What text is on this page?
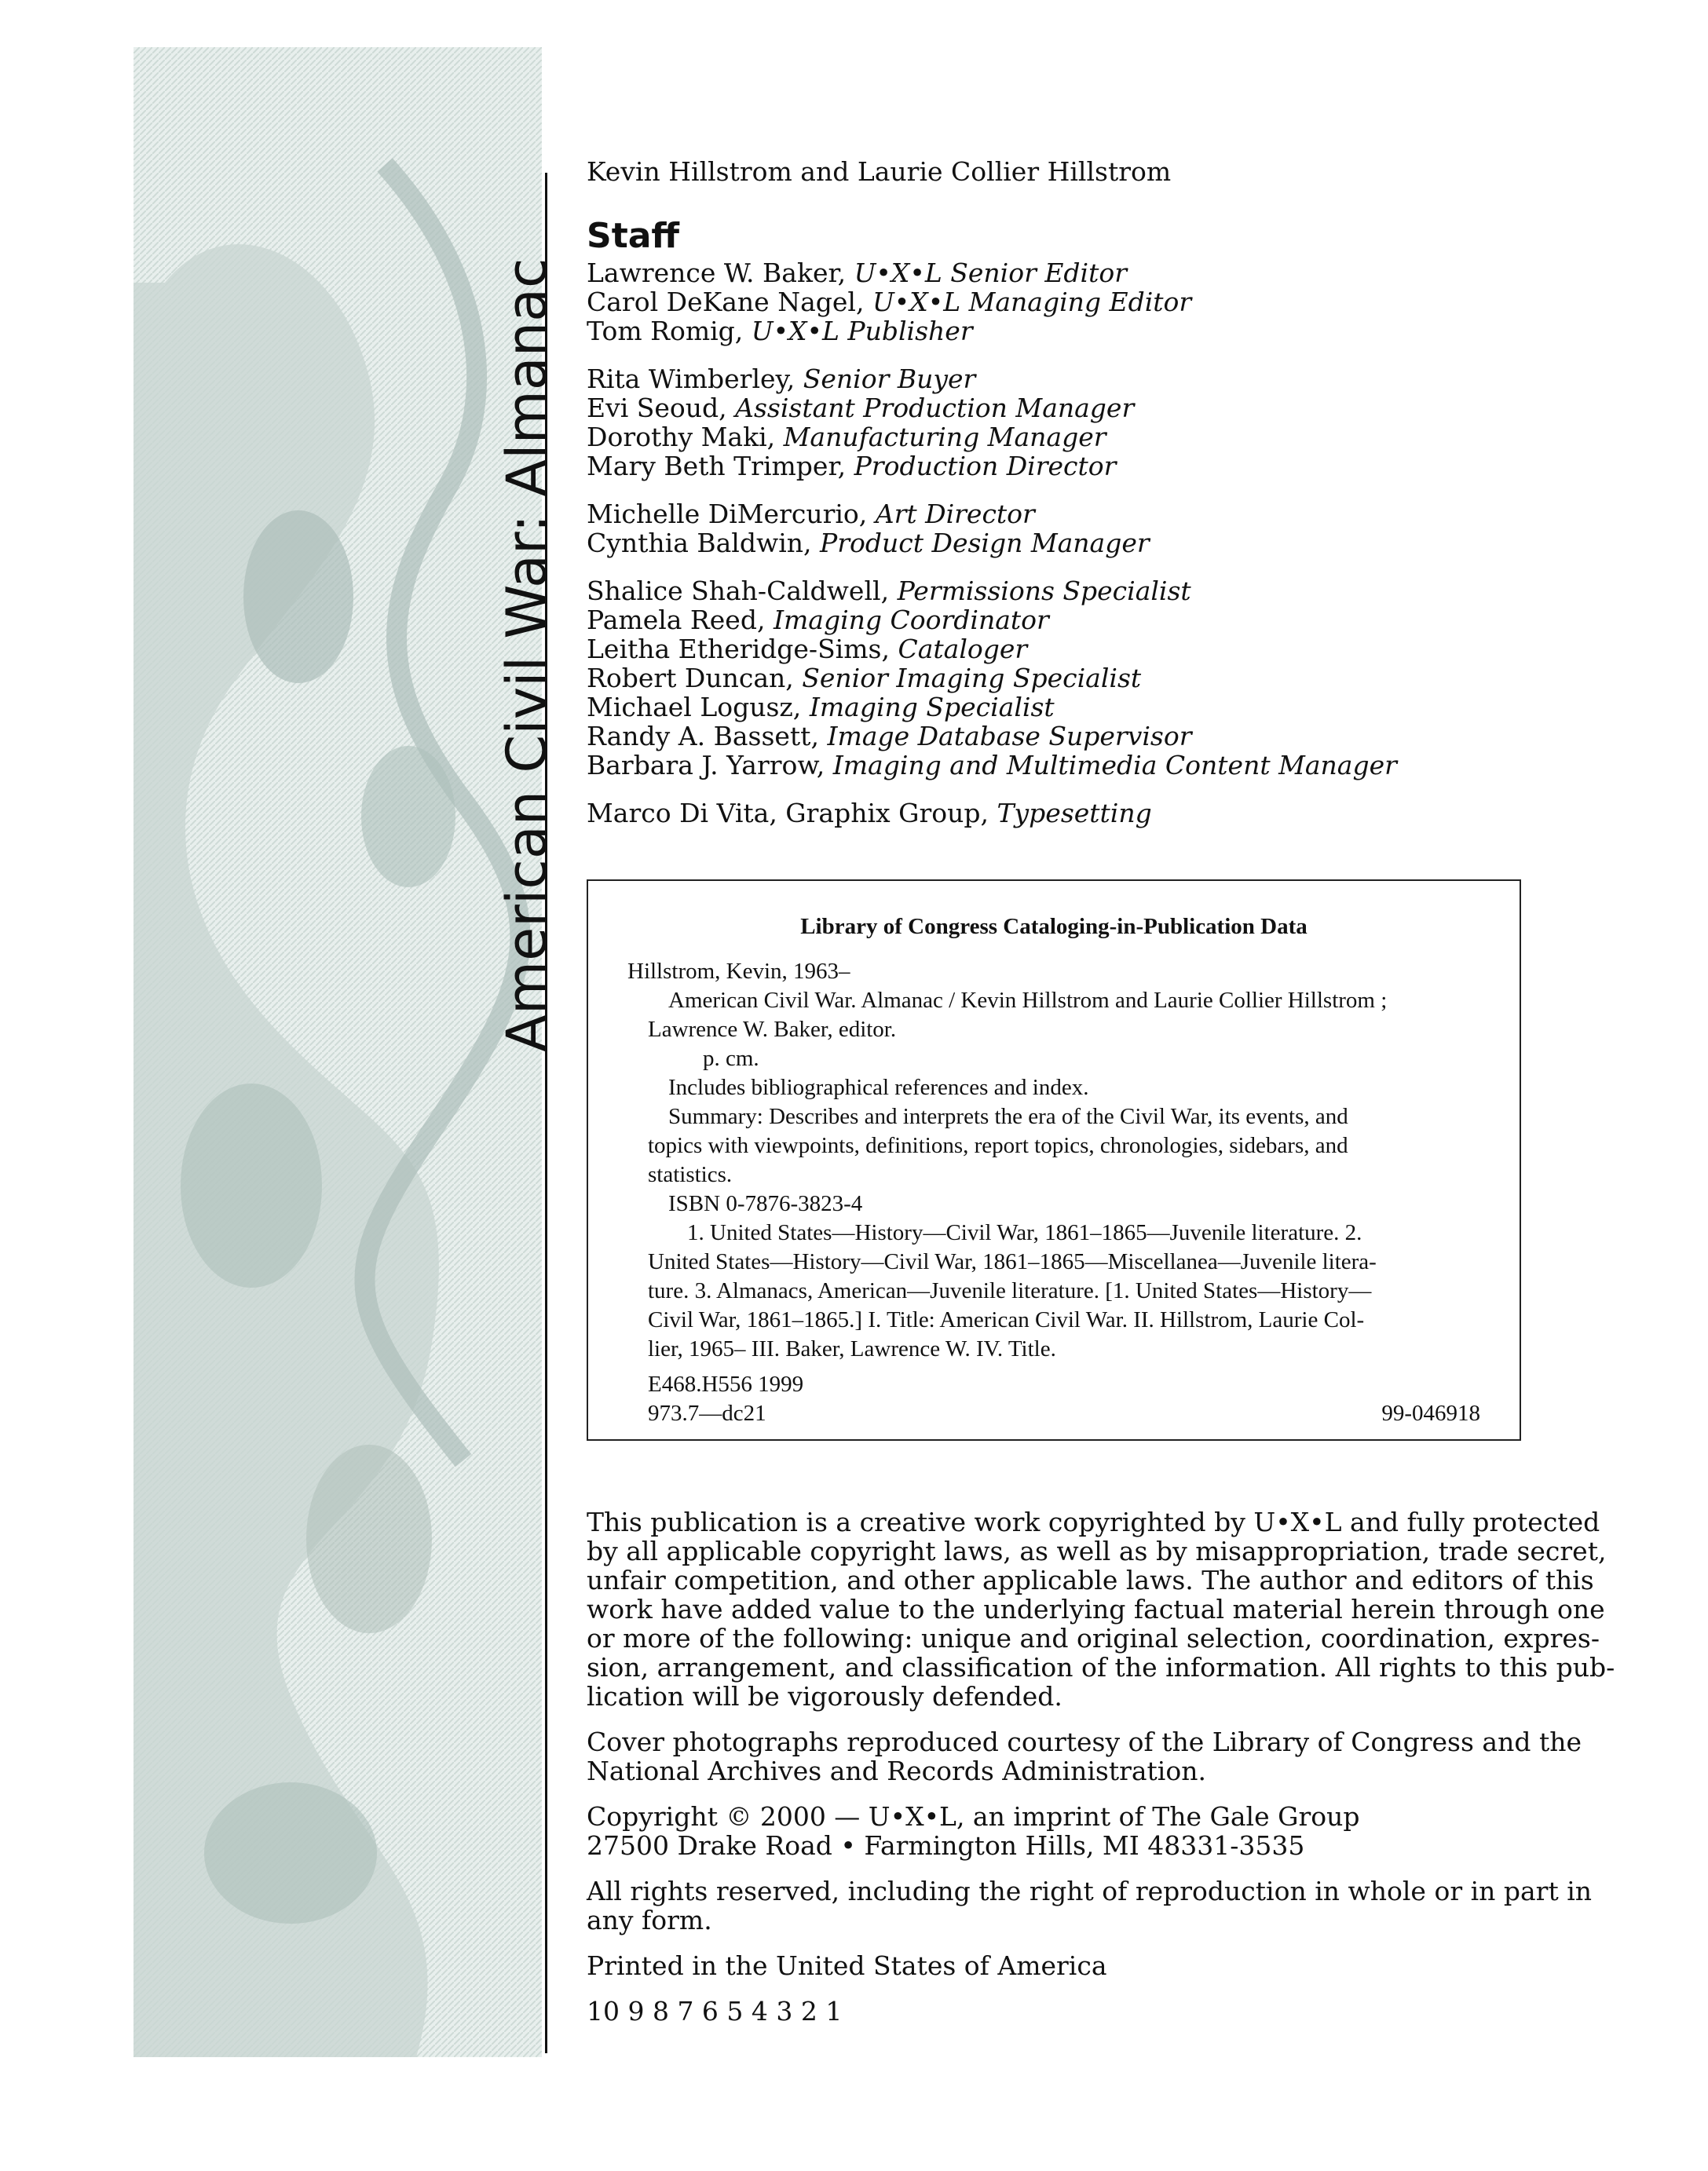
American Civil War: Almanac
Kevin Hillstrom and Laurie Collier Hillstrom
Staff
Lawrence W. Baker, U•X•L Senior Editor
Carol DeKane Nagel, U•X•L Managing Editor
Tom Romig, U•X•L Publisher
Rita Wimberley, Senior Buyer
Evi Seoud, Assistant Production Manager
Dorothy Maki, Manufacturing Manager
Mary Beth Trimper, Production Director
Michelle DiMercurio, Art Director
Cynthia Baldwin, Product Design Manager
Shalice Shah-Caldwell, Permissions Specialist
Pamela Reed, Imaging Coordinator
Leitha Etheridge-Sims, Cataloger
Robert Duncan, Senior Imaging Specialist
Michael Logusz, Imaging Specialist
Randy A. Bassett, Image Database Supervisor
Barbara J. Yarrow, Imaging and Multimedia Content Manager
Marco Di Vita, Graphix Group, Typesetting
Library of Congress Cataloging-in-Publication Data
Hillstrom, Kevin, 1963–
American Civil War. Almanac / Kevin Hillstrom and Laurie Collier Hillstrom ;
Lawrence W. Baker, editor.
p. cm.
Includes bibliographical references and index.
Summary: Describes and interprets the era of the Civil War, its events, and
topics with viewpoints, definitions, report topics, chronologies, sidebars, and
statistics.
ISBN 0-7876-3823-4
1. United States—History—Civil War, 1861–1865—Juvenile literature. 2.
United States—History—Civil War, 1861–1865—Miscellanea—Juvenile litera-
ture. 3. Almanacs, American—Juvenile literature. [1. United States—History—
Civil War, 1861–1865.] I. Title: American Civil War. II. Hillstrom, Laurie Col-
lier, 1965– III. Baker, Lawrence W. IV. Title.
E468.H556 1999
973.7—dc21	99-046918

This publication is a creative work copyrighted by U•X•L and fully protected
by all applicable copyright laws, as well as by misappropriation, trade secret,
unfair competition, and other applicable laws. The author and editors of this
work have added value to the underlying factual material herein through one
or more of the following: unique and original selection, coordination, expres-
sion, arrangement, and classification of the information. All rights to this pub-
lication will be vigorously defended.

Cover photographs reproduced courtesy of the Library of Congress and the
National Archives and Records Administration.

Copyright © 2000 — U•X•L, an imprint of The Gale Group
27500 Drake Road • Farmington Hills, MI 48331-3535

All rights reserved, including the right of reproduction in whole or in part in
any form.

Printed in the United States of America

10 9 8 7 6 5 4 3 2 1
